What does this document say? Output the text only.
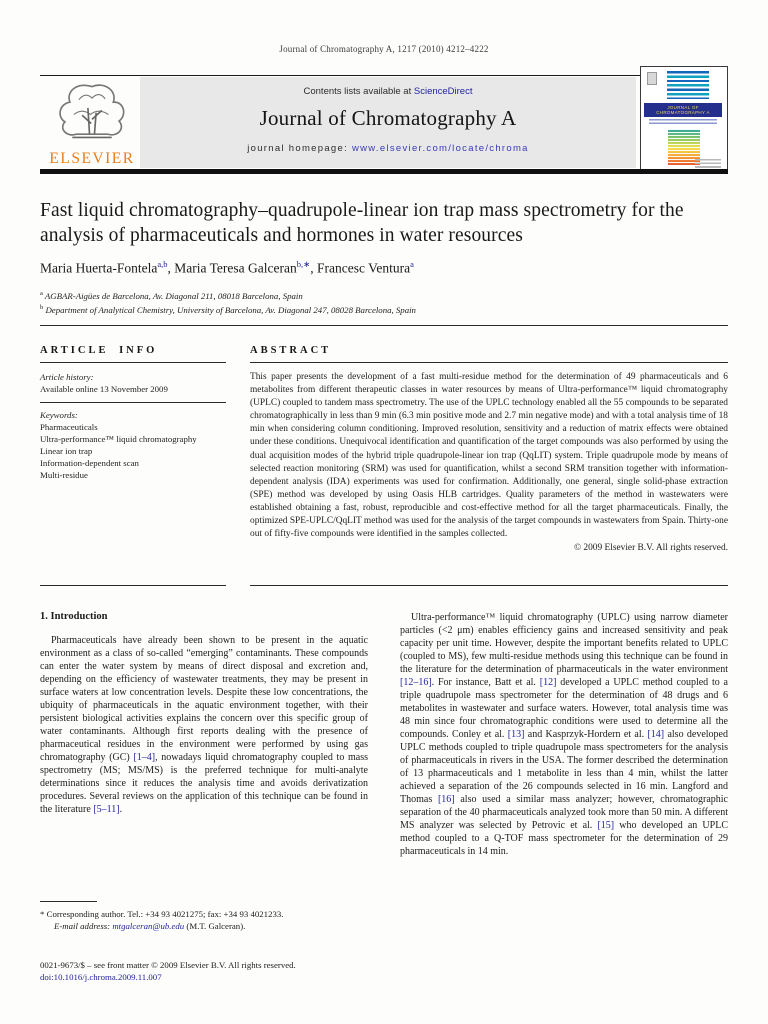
Journal of Chromatography A, 1217 (2010) 4212–4222
ELSEVIER
Contents lists available at ScienceDirect
Journal of Chromatography A
journal homepage: www.elsevier.com/locate/chroma
JOURNAL OF CHROMATOGRAPHY A
Fast liquid chromatography–quadrupole-linear ion trap mass spectrometry for the analysis of pharmaceuticals and hormones in water resources
Maria Huerta-Fontela$^{a,b}$, Maria Teresa Galceran$^{b,∗}$, Francesc Ventura$^a$
$^a$ AGBAR-Aigües de Barcelona, Av. Diagonal 211, 08018 Barcelona, Spain
$^b$ Department of Analytical Chemistry, University of Barcelona, Av. Diagonal 247, 08028 Barcelona, Spain
ARTICLE INFO
Article history:
Available online 13 November 2009
Keywords:
Pharmaceuticals
Ultra-performance™ liquid chromatography
Linear ion trap
Information-dependent scan
Multi-residue
ABSTRACT
This paper presents the development of a fast multi-residue method for the determination of 49 pharmaceuticals and 6 metabolites from different therapeutic classes in water resources by means of Ultra-performance™ liquid chromatography (UPLC) coupled to tandem mass spectrometry. The use of the UPLC technology enabled all the 55 compounds to be separated chromatographically in less than 9 min (6.3 min positive mode and 2.7 min negative mode) and with a total analysis time of 18 min when considering column conditioning. Improved resolution, sensitivity and a reduction of matrix effects were obtained under these conditions. Unequivocal identification and quantification of the target compounds was also performed by using the dual acquisition modes of the hybrid triple quadrupole-linear ion trap (QqLIT) system. Triple quadrupole mode by means of selected reaction monitoring (SRM) was used for quantification, whilst a second SRM transition together with information-dependent analysis (IDA) experiments was used for confirmation. Additionally, one general, single solid-phase extraction (SPE) method was developed by using Oasis HLB cartridges. Quality parameters of the method in wastewaters were established obtaining a fast, robust, reproducible and cost-effective method for all the target pharmaceuticals. Finally, the optimized SPE-UPLC/QqLIT method was used for the analysis of the target compounds in wastewaters from Spain. Thirty-one out of fifty-five compounds were identified in the samples collected.
© 2009 Elsevier B.V. All rights reserved.
1. Introduction

Pharmaceuticals have already been shown to be present in the aquatic environment as a class of so-called “emerging” contaminants. These compounds can enter the water system by means of direct disposal and excretion and, depending on the efficiency of wastewater treatments, they may be present in surface waters at low concentration levels. Despite these low concentrations, the ubiquity of pharmaceuticals in the aquatic environment together, with their persistent biological activities explains the concern over this specific group of water contaminants. Although first reports dealing with the presence of pharmaceutical residues in the environment were performed by using gas chromatography (GC) [1–4], nowadays liquid chromatography coupled to mass spectrometry (MS; MS/MS) is the preferred technique for multi-analyte determinations since it reduces the analysis time and avoids derivatization procedures. Several reviews on the application of this technique can be found in the literature [5–11].

Ultra-performance™ liquid chromatography (UPLC) using narrow diameter particles (<2 μm) enables efficiency gains and increased sensitivity and peak capacity per unit time. However, despite the important benefits related to UPLC (coupled to MS), few multi-residue methods using this technique can be found in the literature for the determination of pharmaceuticals in the water environment [12–16]. For instance, Batt et al. [12] developed a UPLC method coupled to a triple quadrupole mass spectrometer for the determination of 48 drugs and 6 metabolites in wastewater and surface waters. However, total analysis time was 48 min since four chromatographic conditions were used to determine all the compounds. Conley et al. [13] and Kasprzyk-Hordern et al. [14] also developed UPLC methods coupled to triple quadrupole mass spectrometers for the analysis of pharmaceuticals in rivers in the USA. The former described the determination of 13 pharmaceuticals and 1 metabolite in less than 4 min, whilst the latter achieved a separation of the 26 compounds selected in 16 min. Langford and Thomas [16] also used a similar mass analyzer; however, chromatographic separation of the 40 pharmaceuticals analyzed took more than 50 min. A different MS analyzer was selected by Petrovic et al. [15] who developed an UPLC method coupled to a Q-TOF mass spectrometer for the determination of 29 pharmaceuticals in 14 min.

* Corresponding author. Tel.: +34 93 4021275; fax: +34 93 4021233.
E-mail address: mtgalceran@ub.edu (M.T. Galceran).
0021-9673/$ – see front matter © 2009 Elsevier B.V. All rights reserved.
doi:10.1016/j.chroma.2009.11.007
